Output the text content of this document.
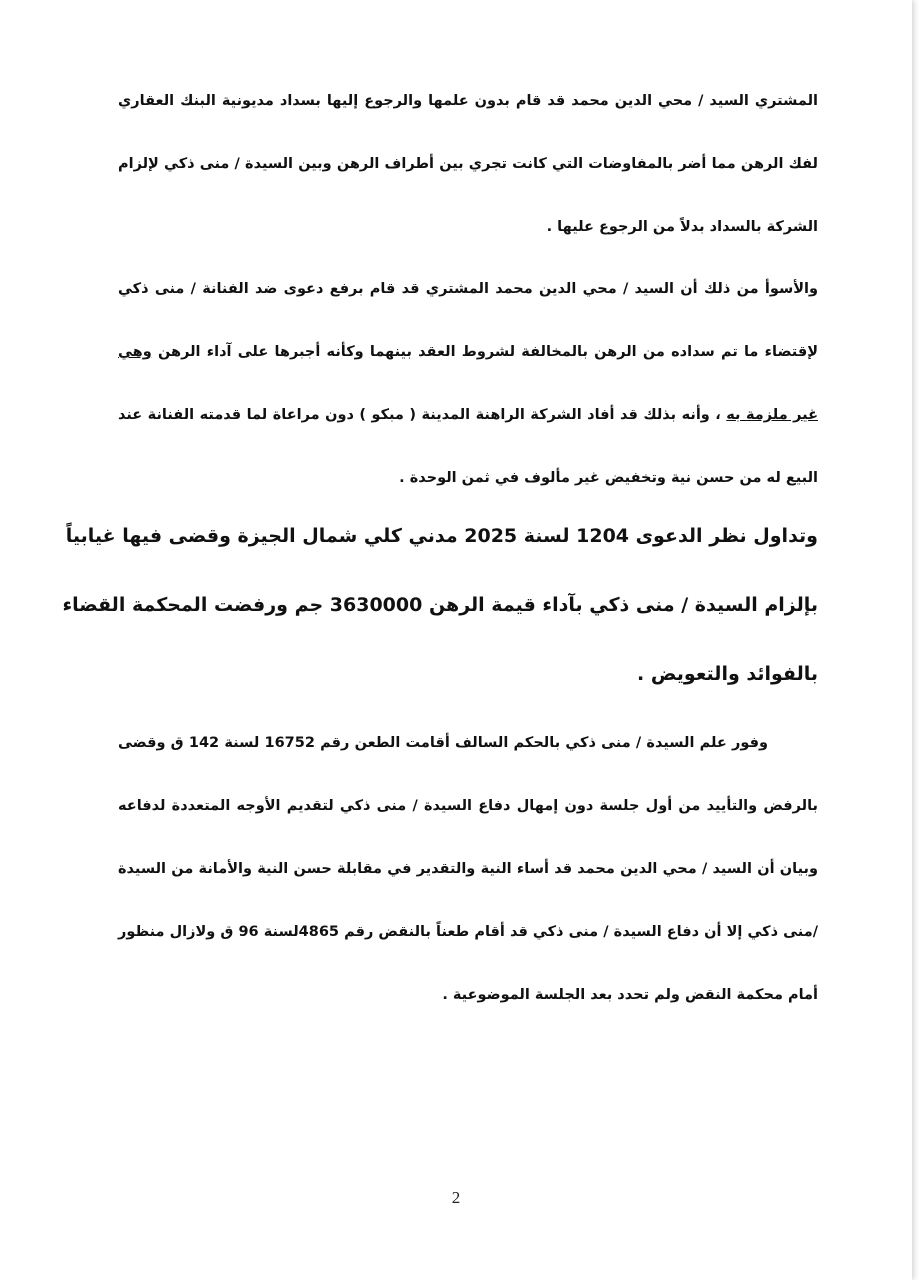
المشتري السيد / محي الدين محمد قد قام بدون علمها والرجوع إليها بسداد مديونية البنك العقاري
لفك الرهن مما أضر بالمفاوضات التي كانت تجري بين أطراف الرهن وبين السيدة / منى ذكي لإلزام
الشركة بالسداد بدلاً من الرجوع عليها .
والأسوأ من ذلك أن السيد / محي الدين محمد المشتري قد قام برفع دعوى ضد الفنانة / منى ذكي
لإقتضاء ما تم سداده من الرهن بالمخالفة لشروط العقد بينهما وكأنه أجبرها على آداء الرهن وهي
غير ملزمة به ، وأنه بذلك قد أفاد الشركة الراهنة المدينة ( مبكو ) دون مراعاة لما قدمته الفنانة عند
البيع له من حسن نية وتخفيض غير مألوف في ثمن الوحدة .
وتداول نظر الدعوى 1204 لسنة 2025 مدني كلي شمال الجيزة وقضى فيها غيابياً
بإلزام السيدة / منى ذكي بآداء قيمة الرهن 3630000 جم ورفضت المحكمة القضاء
بالفوائد والتعويض .
وفور علم السيدة / منى ذكي بالحكم السالف أقامت الطعن رقم 16752 لسنة 142 ق وقضى
بالرفض والتأييد من أول جلسة دون إمهال دفاع السيدة / منى ذكي لتقديم الأوجه المتعددة لدفاعه
وبيان أن السيد / محي الدين محمد قد أساء النية والتقدير في مقابلة حسن النية والأمانة من السيدة
/منى ذكي إلا أن دفاع السيدة / منى ذكي قد أقام طعناً بالنقض رقم 4865لسنة 96 ق ولازال منظور
أمام محكمة النقض ولم تحدد بعد الجلسة الموضوعية .
2
